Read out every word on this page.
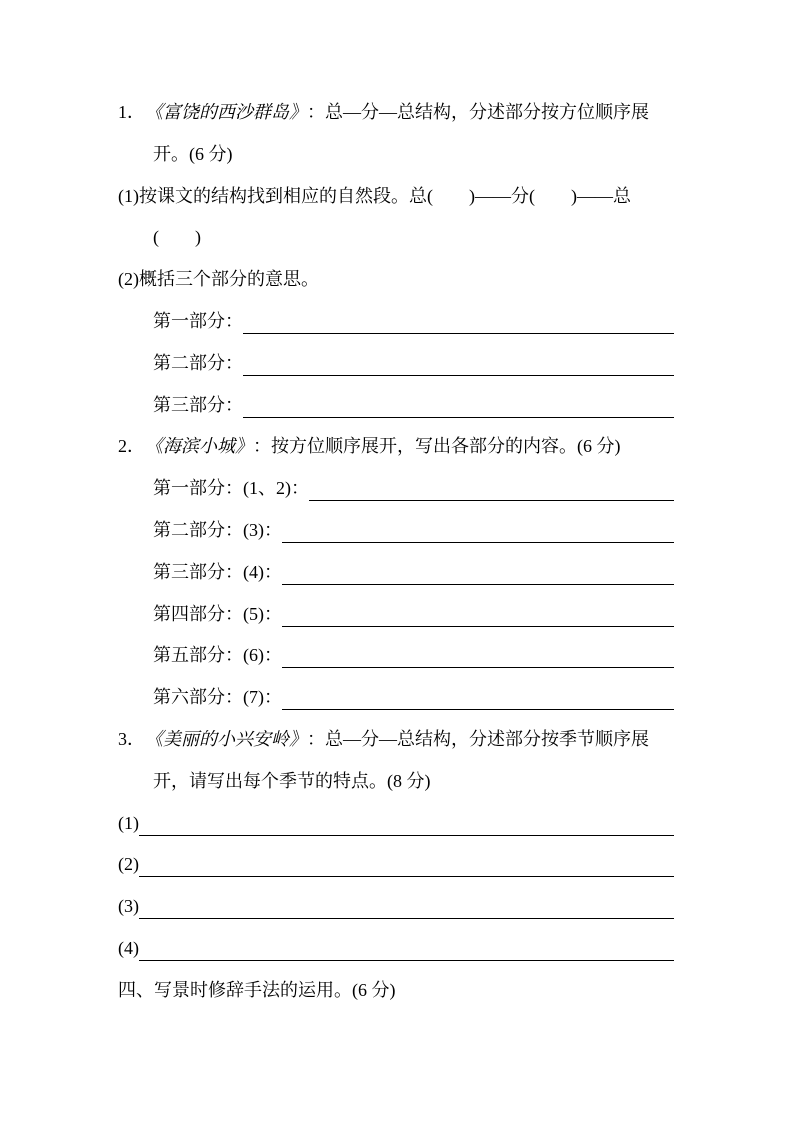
1． 《富饶的西沙群岛》 ：总—分—总结构，分述部分按方位顺序展
开。(6 分)
(1)按课文的结构找到相应的自然段。总(　　)——分(　　)——总
(　　)
(2)概括三个部分的意思。
第一部分：
第二部分：
第三部分：
2． 《海滨小城》 ：按方位顺序展开，写出各部分的内容。(6 分)
第一部分：(1、2)：
第二部分：(3)：
第三部分：(4)：
第四部分：(5)：
第五部分：(6)：
第六部分：(7)：
3． 《美丽的小兴安岭》 ：总—分—总结构，分述部分按季节顺序展
开，请写出每个季节的特点。(8 分)
(1)
(2)
(3)
(4)
四、写景时修辞手法的运用。(6 分)
